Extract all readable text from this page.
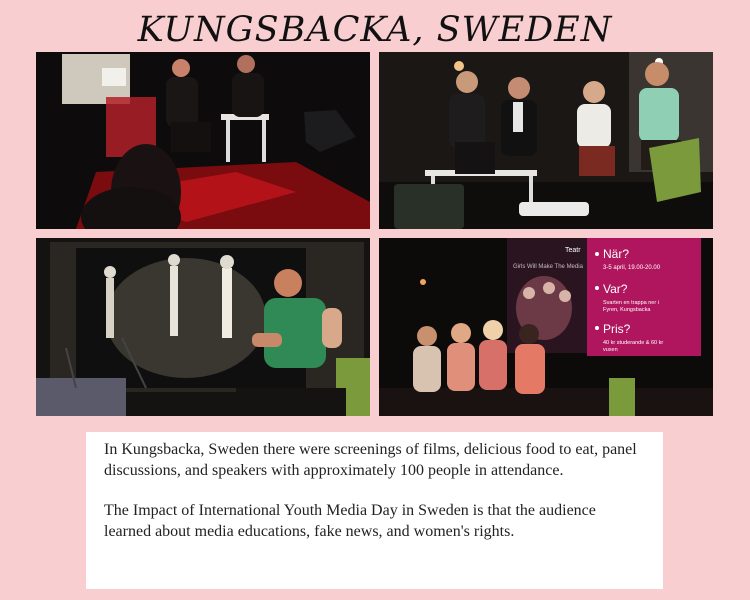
KUNGSBACKA, SWEDEN
Teatr
Girls Will Make The Media
När?
3-5 april, 19.00-20.00
Var?
Svarten en trappa ner i
Fyren, Kungsbacka
Pris?
40 kr studerande & 60 kr
vuxen

In Kungsbacka, Sweden there were screenings of films, delicious food to eat, panel discussions, and speakers with approximately 100 people in attendance.

The Impact of International Youth Media Day in Sweden is that the audience learned about media educations, fake news, and women's rights.
